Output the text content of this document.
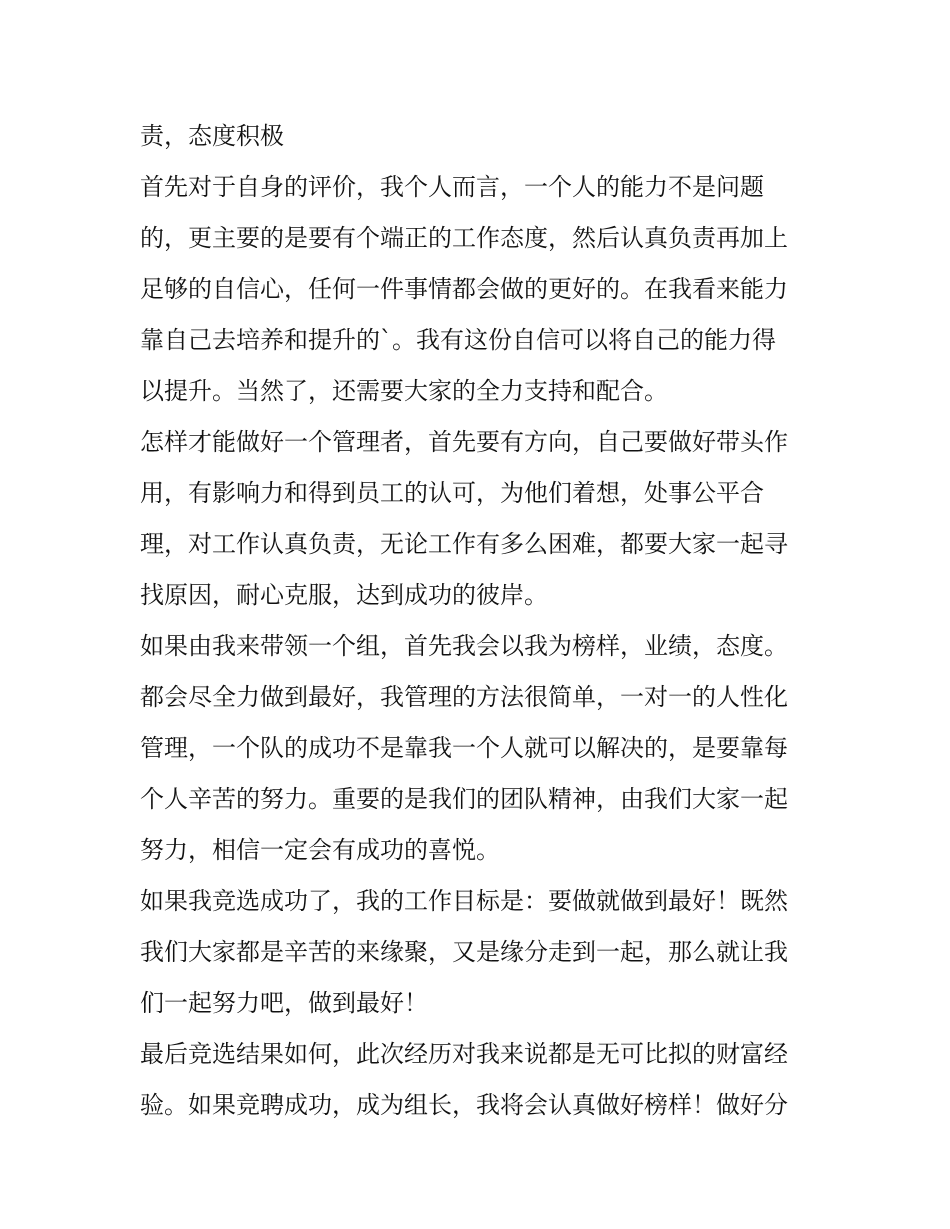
责，态度积极
首先对于自身的评价，我个人而言，一个人的能力不是问题
的，更主要的是要有个端正的工作态度，然后认真负责再加上
足够的自信心，任何一件事情都会做的更好的。在我看来能力
靠自己去培养和提升的`。我有这份自信可以将自己的能力得
以提升。当然了，还需要大家的全力支持和配合。
怎样才能做好一个管理者，首先要有方向，自己要做好带头作
用，有影响力和得到员工的认可，为他们着想，处事公平合
理，对工作认真负责，无论工作有多么困难，都要大家一起寻
找原因，耐心克服，达到成功的彼岸。
如果由我来带领一个组，首先我会以我为榜样，业绩，态度。
都会尽全力做到最好，我管理的方法很简单，一对一的人性化
管理，一个队的成功不是靠我一个人就可以解决的，是要靠每
个人辛苦的努力。重要的是我们的团队精神，由我们大家一起
努力，相信一定会有成功的喜悦。
如果我竞选成功了，我的工作目标是：要做就做到最好！既然
我们大家都是辛苦的来缘聚，又是缘分走到一起，那么就让我
们一起努力吧，做到最好！
最后竞选结果如何，此次经历对我来说都是无可比拟的财富经
验。如果竞聘成功，成为组长，我将会认真做好榜样！做好分
